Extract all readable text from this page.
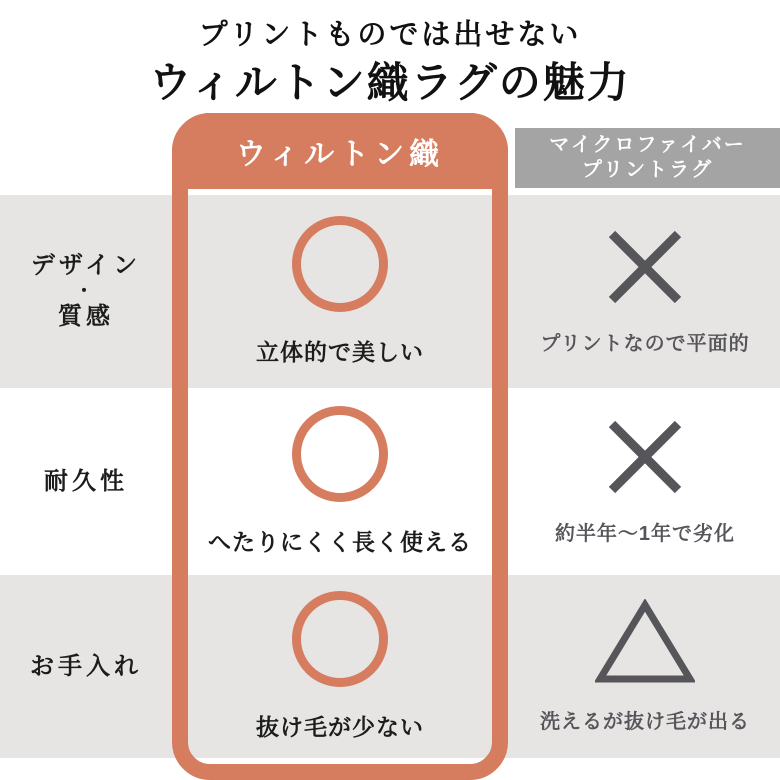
プリントものでは出せない
ウィルトン織ラグの魅力
ウィルトン織	マイクロファイバー
プリントラグ
デザイン
・
質感
立体的で美しい	プリントなので平面的
耐久性
へたりにくく長く使える	約半年～1年で劣化
お手入れ
抜け毛が少ない	洗えるが抜け毛が出る
